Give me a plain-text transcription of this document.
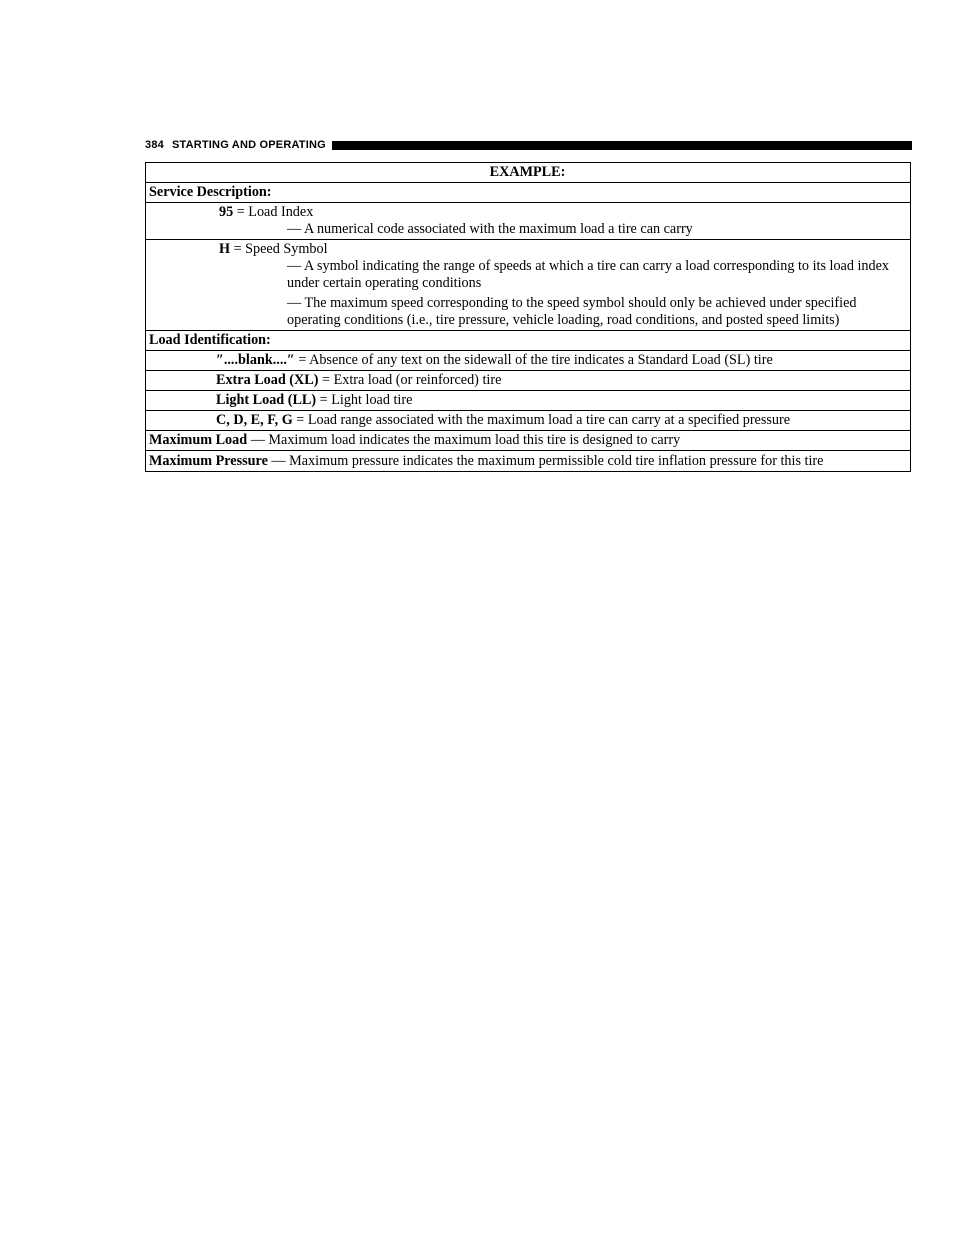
384 STARTING AND OPERATING
EXAMPLE:
Service Description:
95 = Load Index
— A numerical code associated with the maximum load a tire can carry
H = Speed Symbol
— A symbol indicating the range of speeds at which a tire can carry a load corresponding to its load index under certain operating conditions
— The maximum speed corresponding to the speed symbol should only be achieved under specified operating conditions (i.e., tire pressure, vehicle loading, road conditions, and posted speed limits)
Load Identification:
″....blank....″ = Absence of any text on the sidewall of the tire indicates a Standard Load (SL) tire
Extra Load (XL) = Extra load (or reinforced) tire
Light Load (LL) = Light load tire
C, D, E, F, G = Load range associated with the maximum load a tire can carry at a specified pressure
Maximum Load — Maximum load indicates the maximum load this tire is designed to carry
Maximum Pressure — Maximum pressure indicates the maximum permissible cold tire inflation pressure for this tire
